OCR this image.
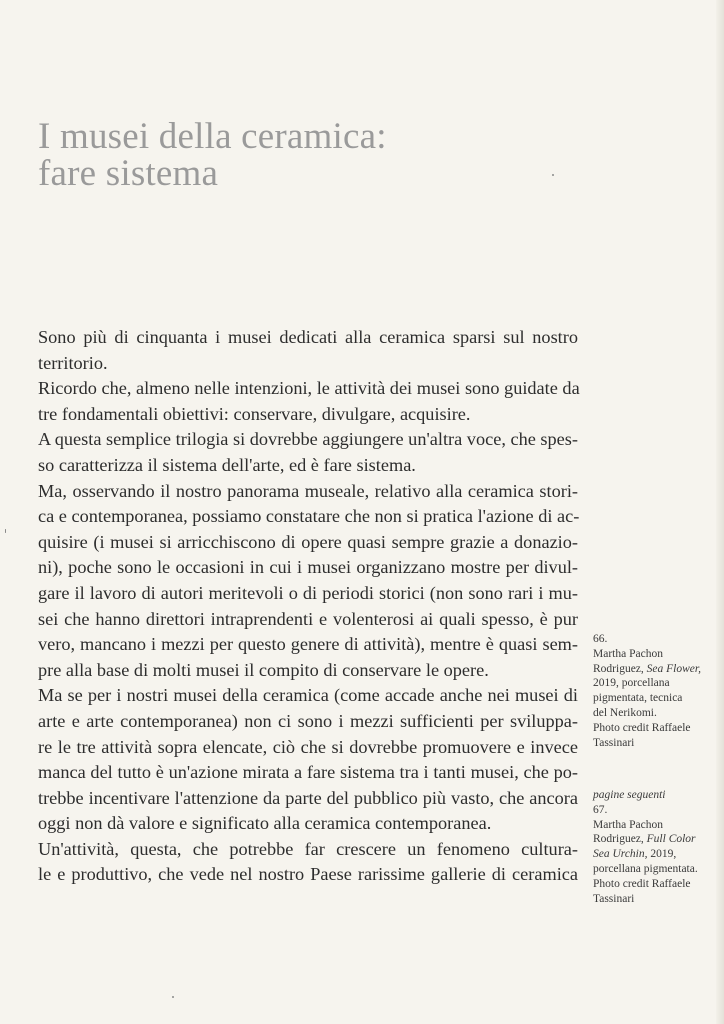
I musei della ceramica:
fare sistema
Sono più di cinquanta i musei dedicati alla ceramica sparsi sul nostro
territorio.
Ricordo che, almeno nelle intenzioni, le attività dei musei sono guidate da
tre fondamentali obiettivi: conservare, divulgare, acquisire.
A questa semplice trilogia si dovrebbe aggiungere un'altra voce, che spes-
so caratterizza il sistema dell'arte, ed è fare sistema.
Ma, osservando il nostro panorama museale, relativo alla ceramica stori-
ca e contemporanea, possiamo constatare che non si pratica l'azione di ac-
quisire (i musei si arricchiscono di opere quasi sempre grazie a donazio-
ni), poche sono le occasioni in cui i musei organizzano mostre per divul-
gare il lavoro di autori meritevoli o di periodi storici (non sono rari i mu-
sei che hanno direttori intraprendenti e volenterosi ai quali spesso, è pur
vero, mancano i mezzi per questo genere di attività), mentre è quasi sem-
pre alla base di molti musei il compito di conservare le opere.
Ma se per i nostri musei della ceramica (come accade anche nei musei di
arte e arte contemporanea) non ci sono i mezzi sufficienti per sviluppa-
re le tre attività sopra elencate, ciò che si dovrebbe promuovere e invece
manca del tutto è un'azione mirata a fare sistema tra i tanti musei, che po-
trebbe incentivare l'attenzione da parte del pubblico più vasto, che ancora
oggi non dà valore e significato alla ceramica contemporanea.
Un'attività, questa, che potrebbe far crescere un fenomeno cultura-
le e produttivo, che vede nel nostro Paese rarissime gallerie di ceramica
66.
Martha Pachon
Rodriguez, Sea Flower,
2019, porcellana
pigmentata, tecnica
del Nerikomi.
Photo credit Raffaele
Tassinari
pagine seguenti
67.
Martha Pachon
Rodriguez, Full Color
Sea Urchin, 2019,
porcellana pigmentata.
Photo credit Raffaele
Tassinari
